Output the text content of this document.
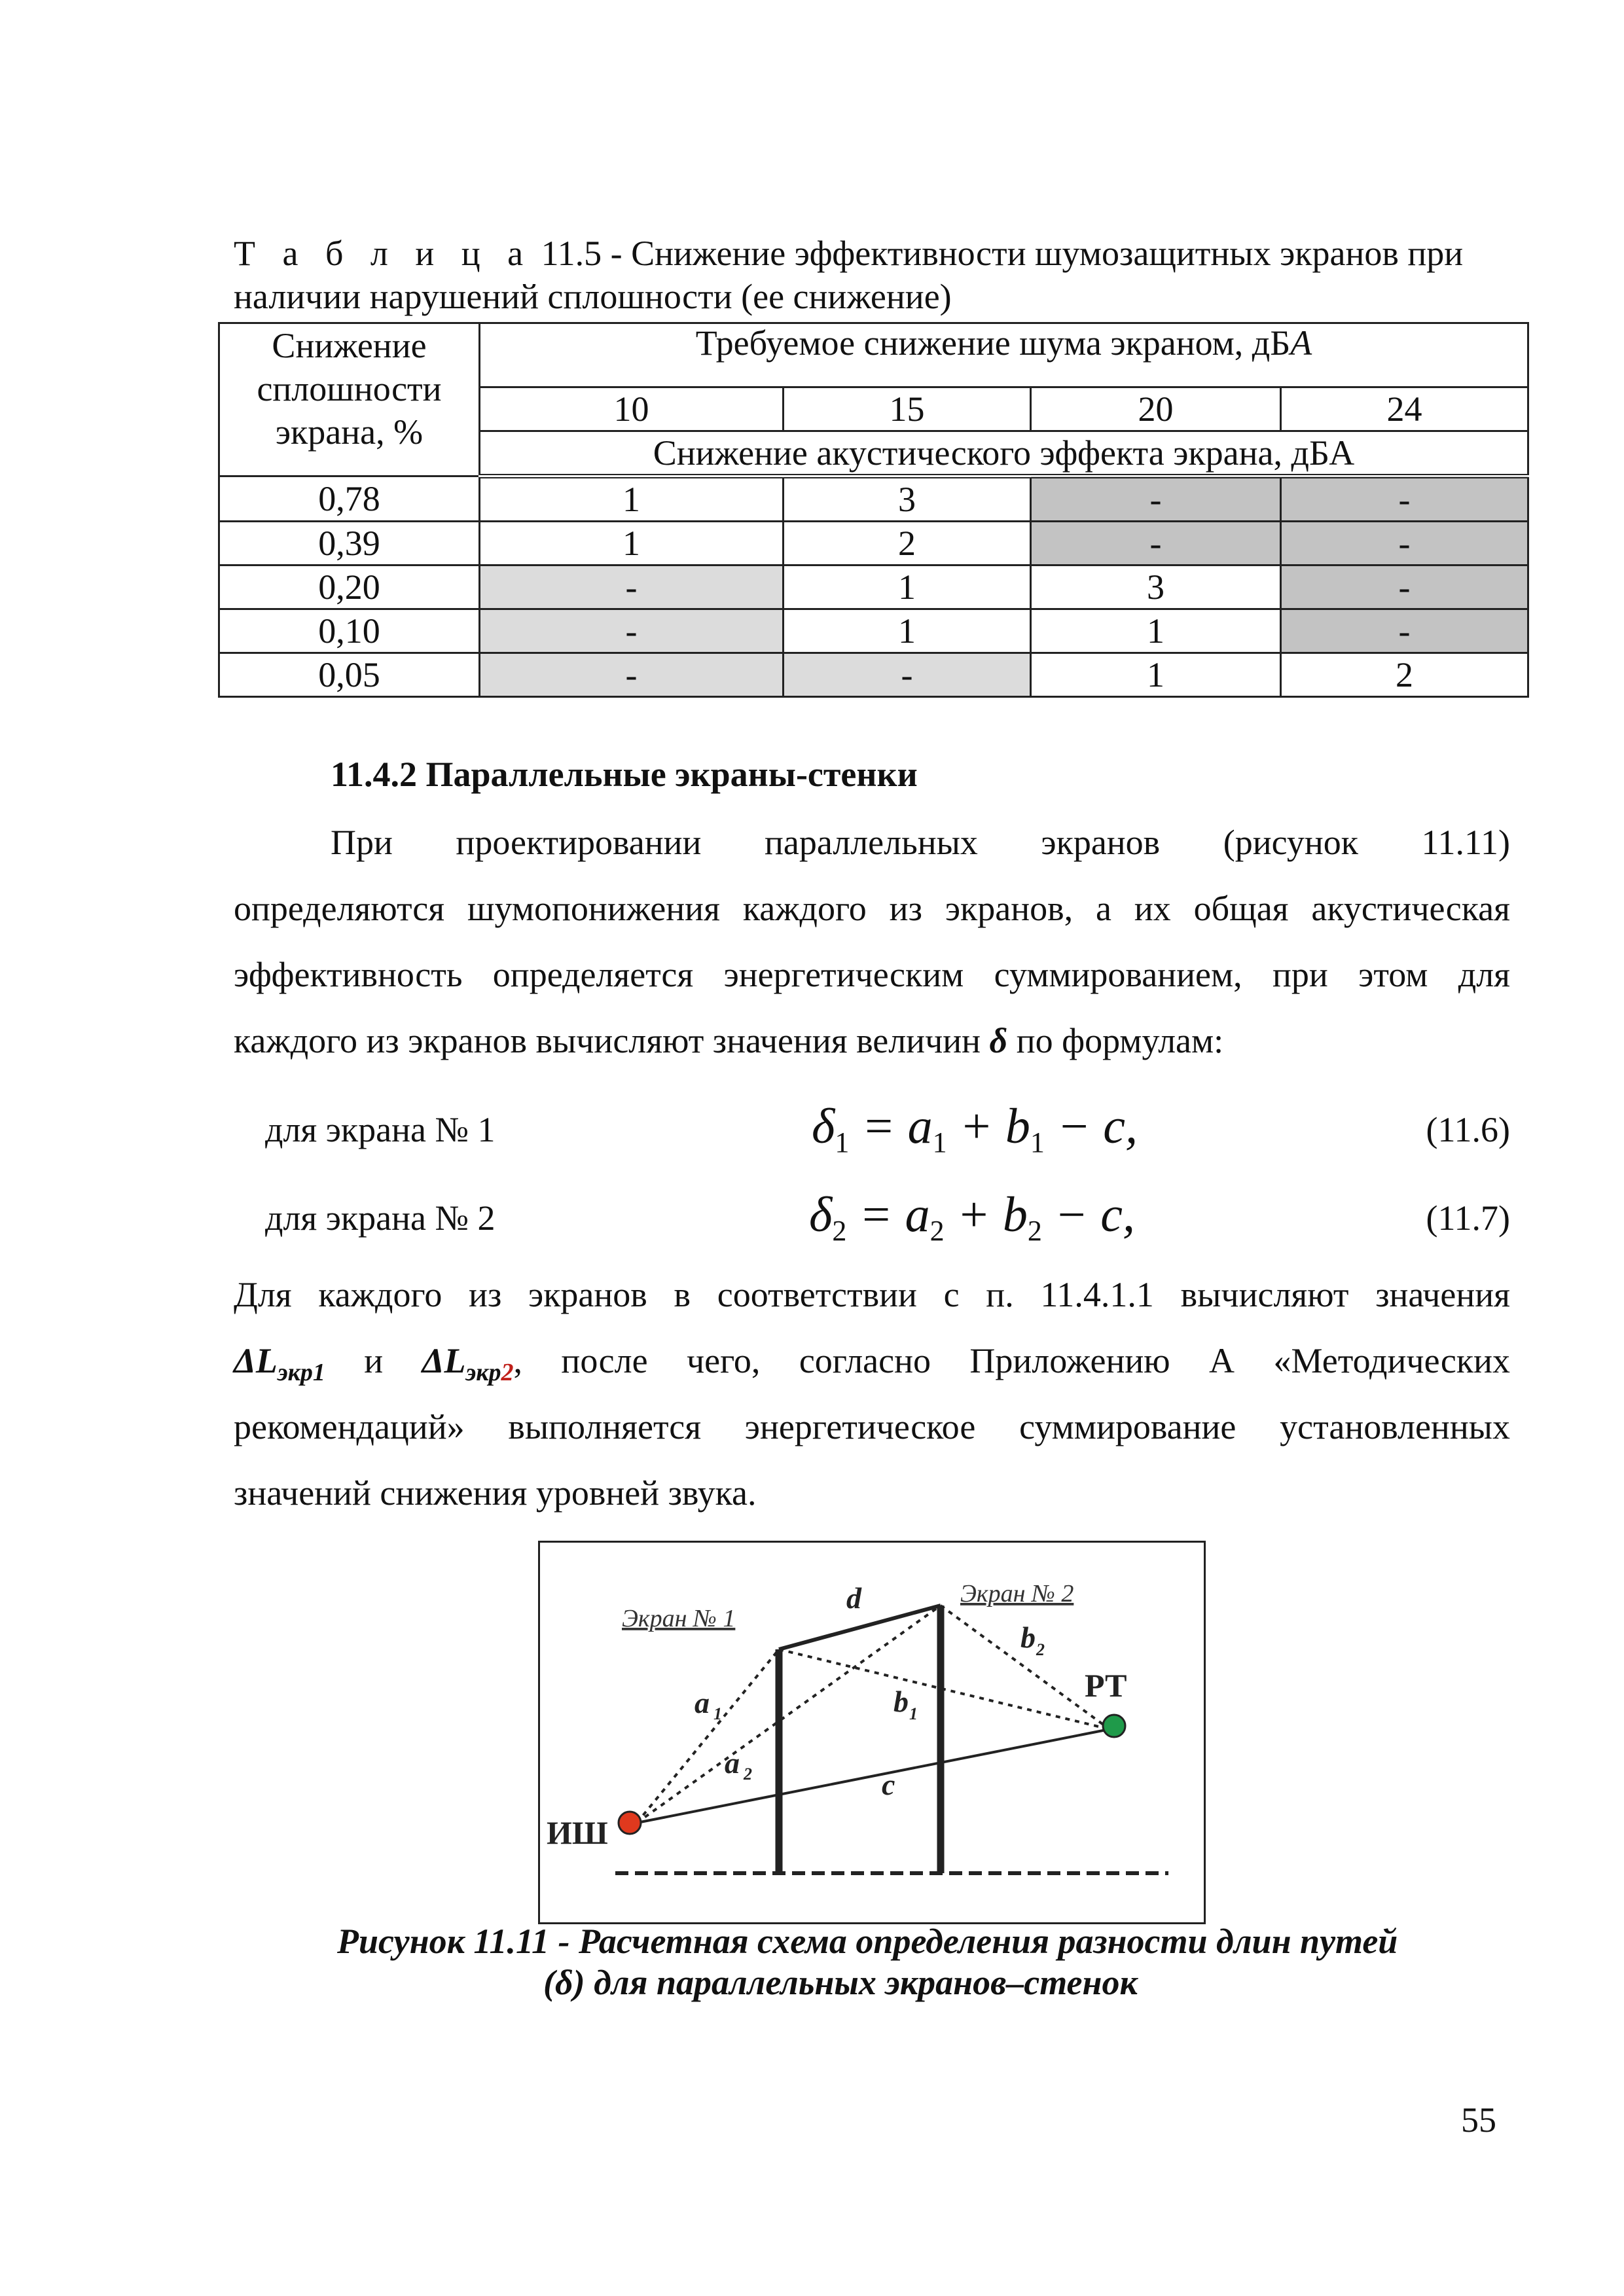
Т а б л и ц а 11.5 - Снижение эффективности шумозащитных экранов при
наличии нарушений сплошности (ее снижение)
Снижение
сплошности
экрана, %	Требуемое снижение шума экраном, дБА			
	10	15	20	24
	Снижение акустического эффекта экрана, дБА			
0,78	1	3	-	-
0,39	1	2	-	-
0,20	-	1	3	-
0,10	-	1	1	-
0,05	-	-	1	2
11.4.2 Параллельные экраны-стенки
При проектировании параллельных экранов (рисунок 11.11)
определяются шумопонижения каждого из экранов, а их общая акустическая
эффективность определяется энергетическим суммированием, при этом для
каждого из экранов вычисляют значения величин δ по формулам:
для экрана № 1	$\delta_1 = a_1 + b_1 - c$,	(11.6)
для экрана № 2	$\delta_2 = a_2 + b_2 - c$,	(11.7)
Для каждого из экранов в соответствии с п. 11.4.1.1 вычисляют значения
$\Delta L_{экр1}$ и $\Delta L_{экр2}$, после чего, согласно Приложению А «Методических
рекомендаций» выполняется энергетическое суммирование установленных
значений снижения уровней звука.
Экран № 1
Экран № 2
d
a 1
a 2
b 1
b 2
c
ИШ
РТ
Рисунок 11.11 - Расчетная схема определения разности длин путей
(δ) для параллельных экранов–стенок
55
